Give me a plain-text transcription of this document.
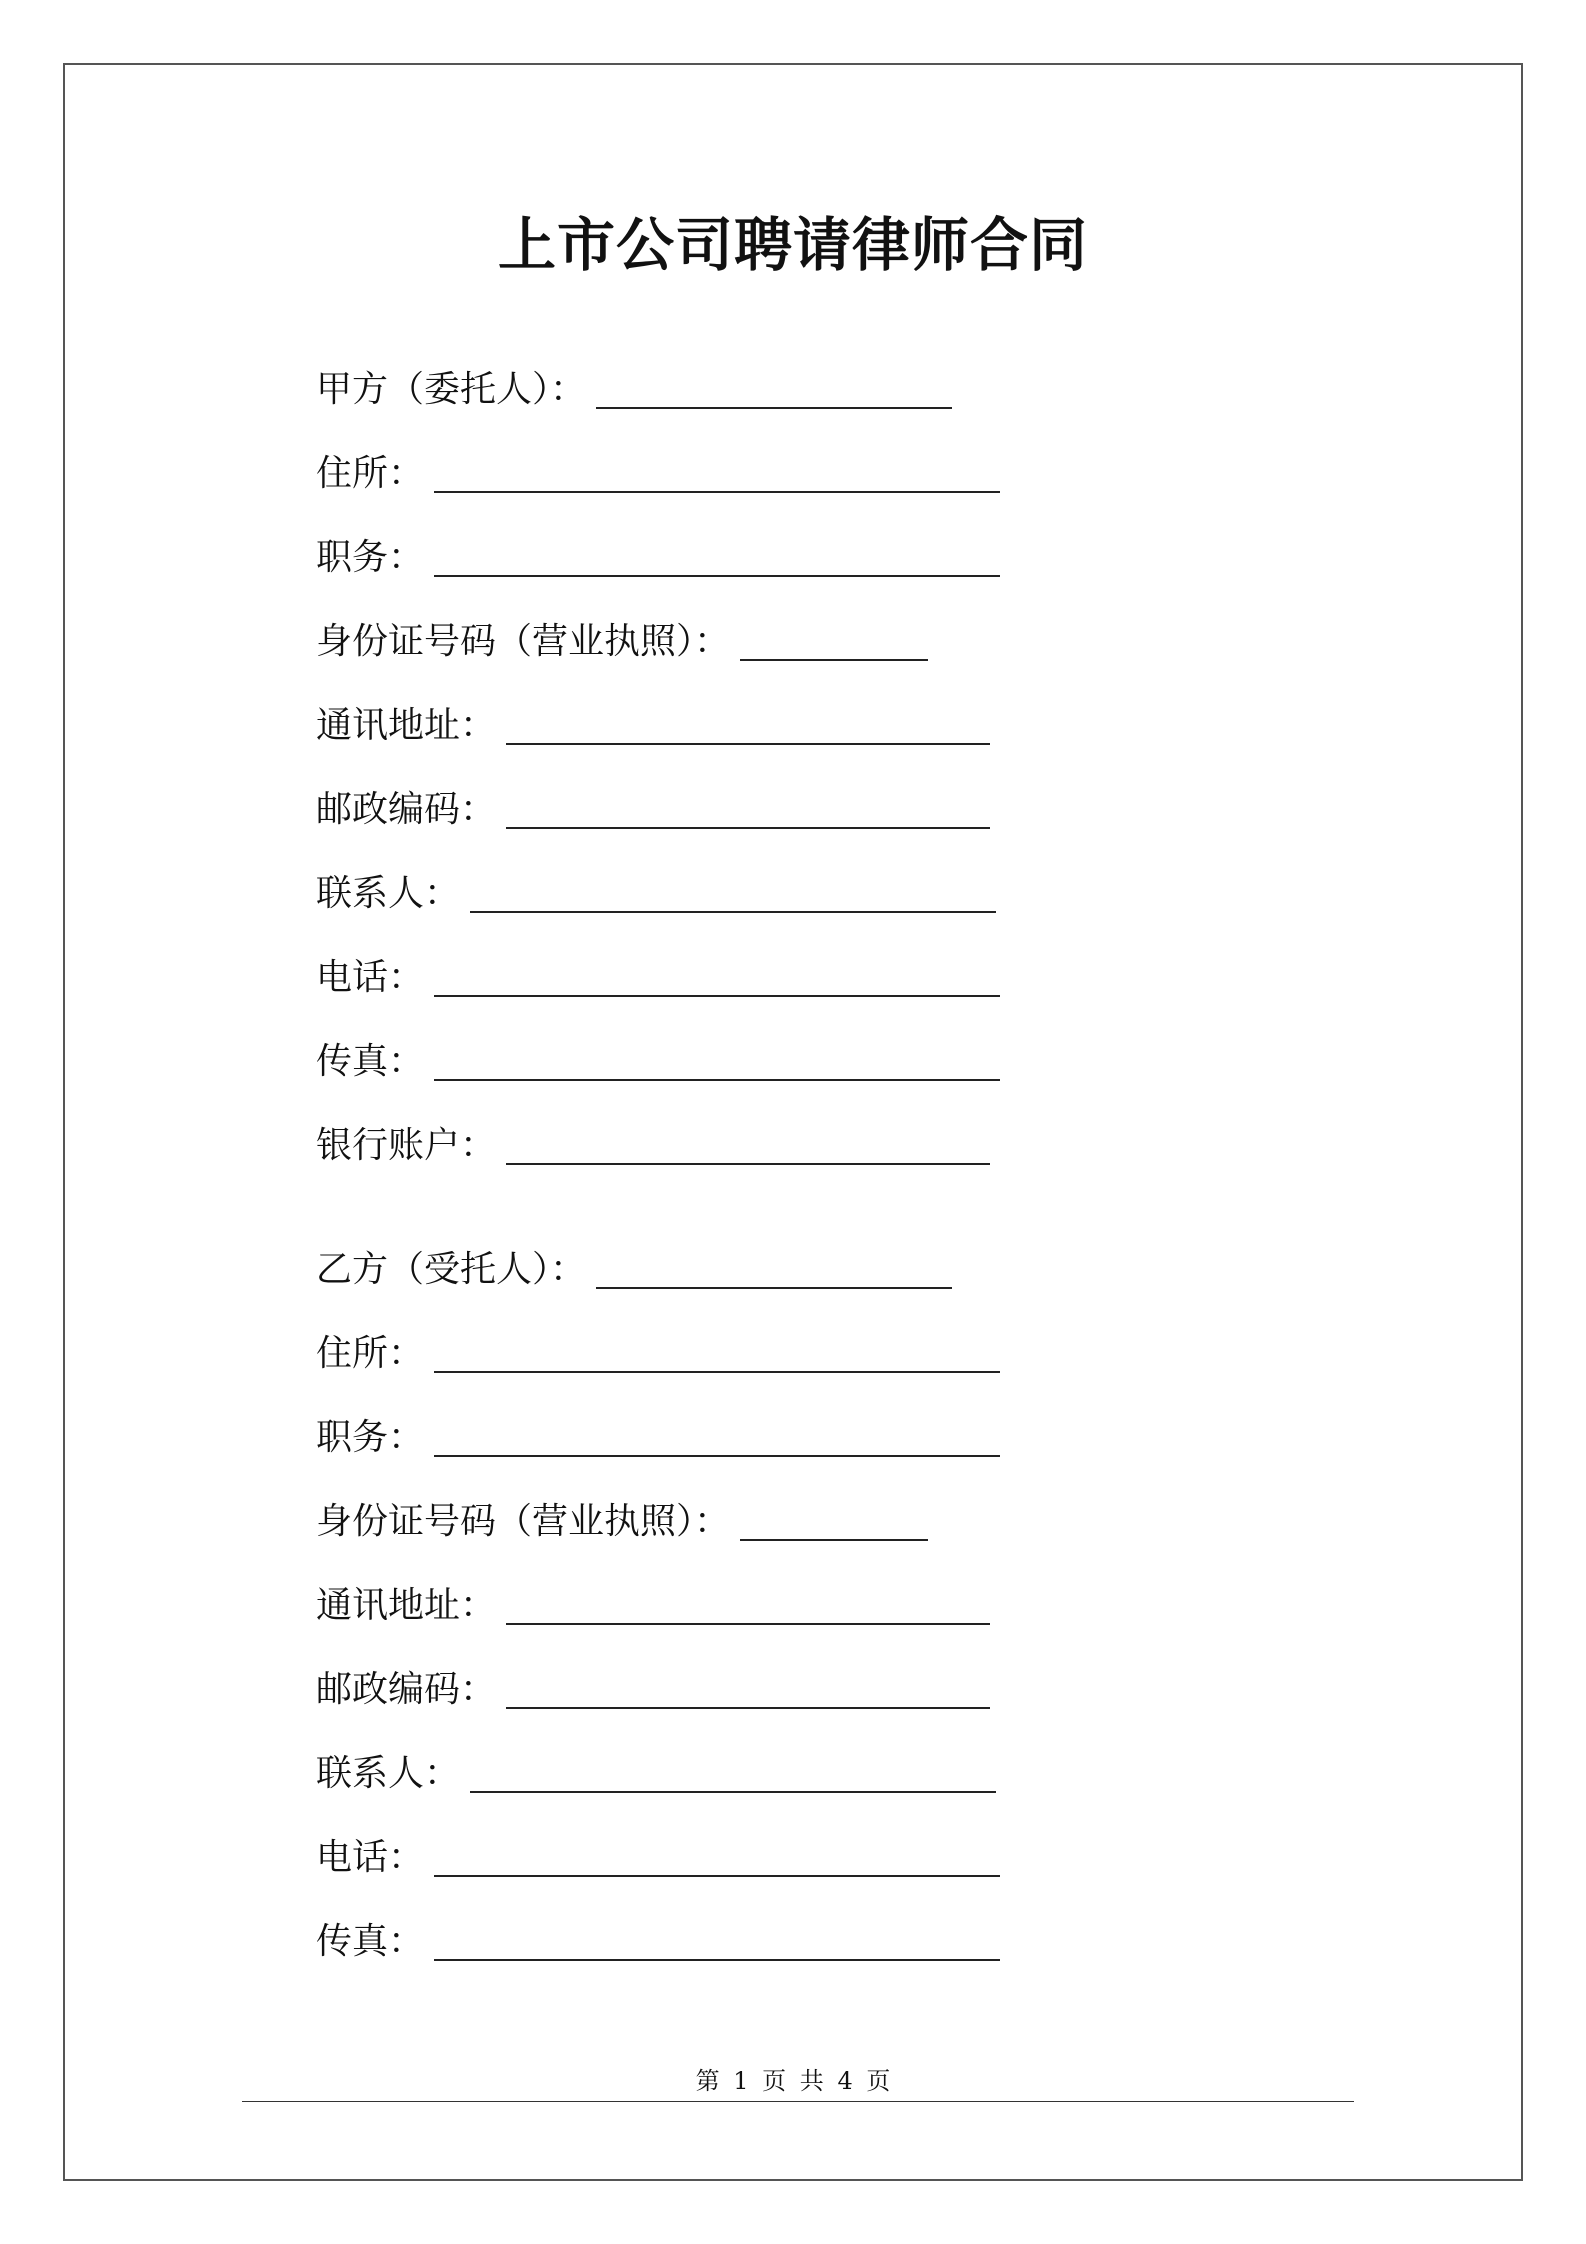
上市公司聘请律师合同
甲方（委托人）：
住所：
职务：
身份证号码（营业执照）：
通讯地址：
邮政编码：
联系人：
电话：
传真：
银行账户：
乙方（受托人）：
住所：
职务：
身份证号码（营业执照）：
通讯地址：
邮政编码：
联系人：
电话：
传真：
第 1 页 共 4 页
